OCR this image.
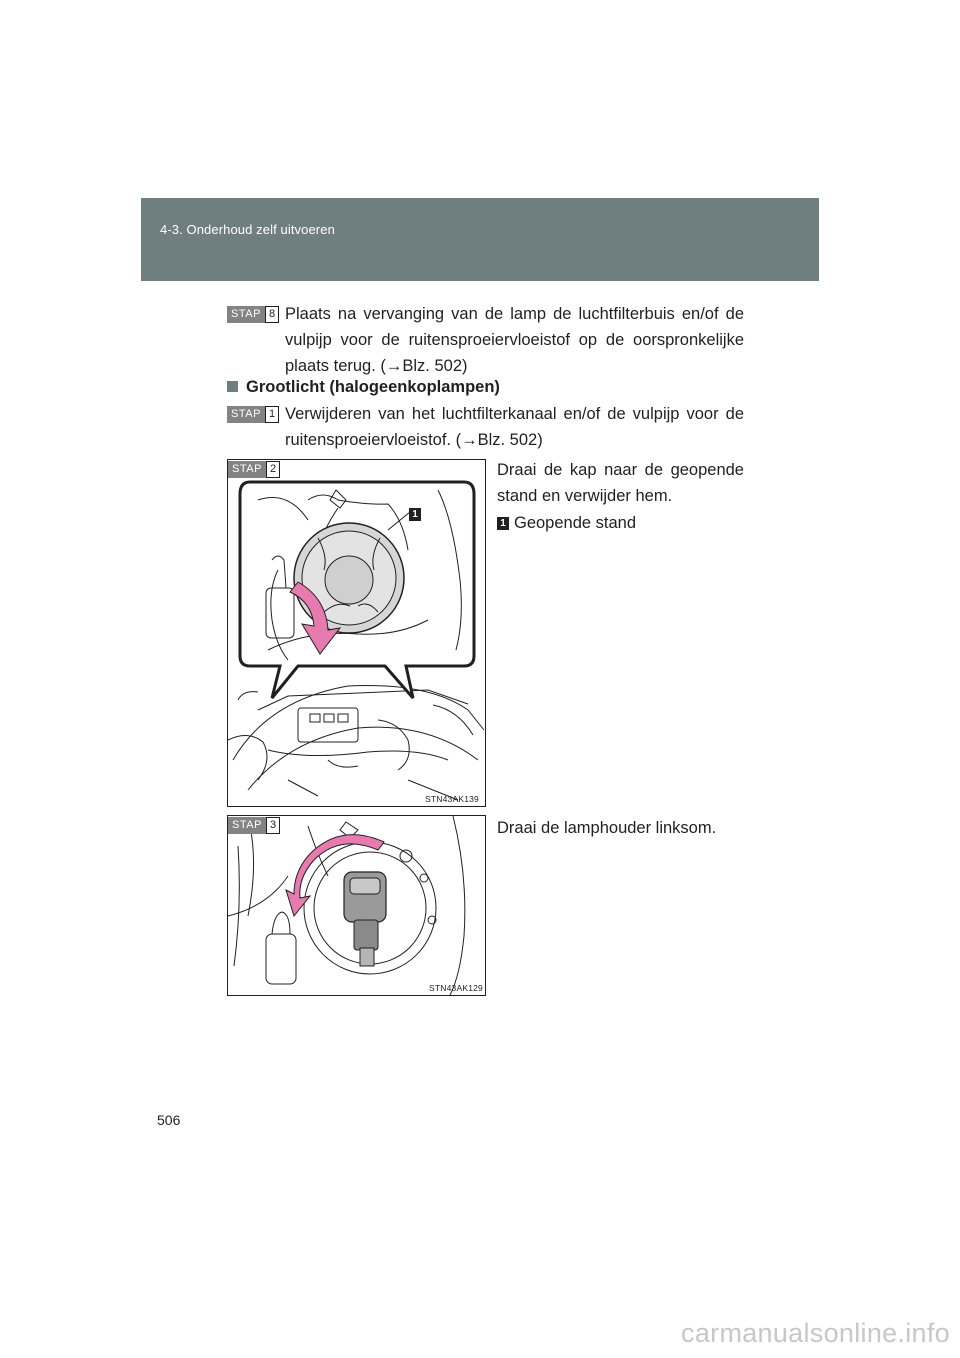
4-3. Onderhoud zelf uitvoeren
STAP 8 Plaats na vervanging van de lamp de luchtfilterbuis en/of de
vulpijp voor de ruitensproeiervloeistof op de oorspronkelijke
plaats terug. (→Blz. 502)
Grootlicht (halogeenkoplampen)
STAP 1 Verwijderen van het luchtfilterkanaal en/of de vulpijp voor de
ruitensproeiervloeistof. (→Blz. 502)
1
STAP 2
STN43AK139
Draai de kap naar de geopende
stand en verwijder hem.
1 Geopende stand
STAP 3
STN43AK129
Draai de lamphouder linksom.
506
carmanualsonline.info
